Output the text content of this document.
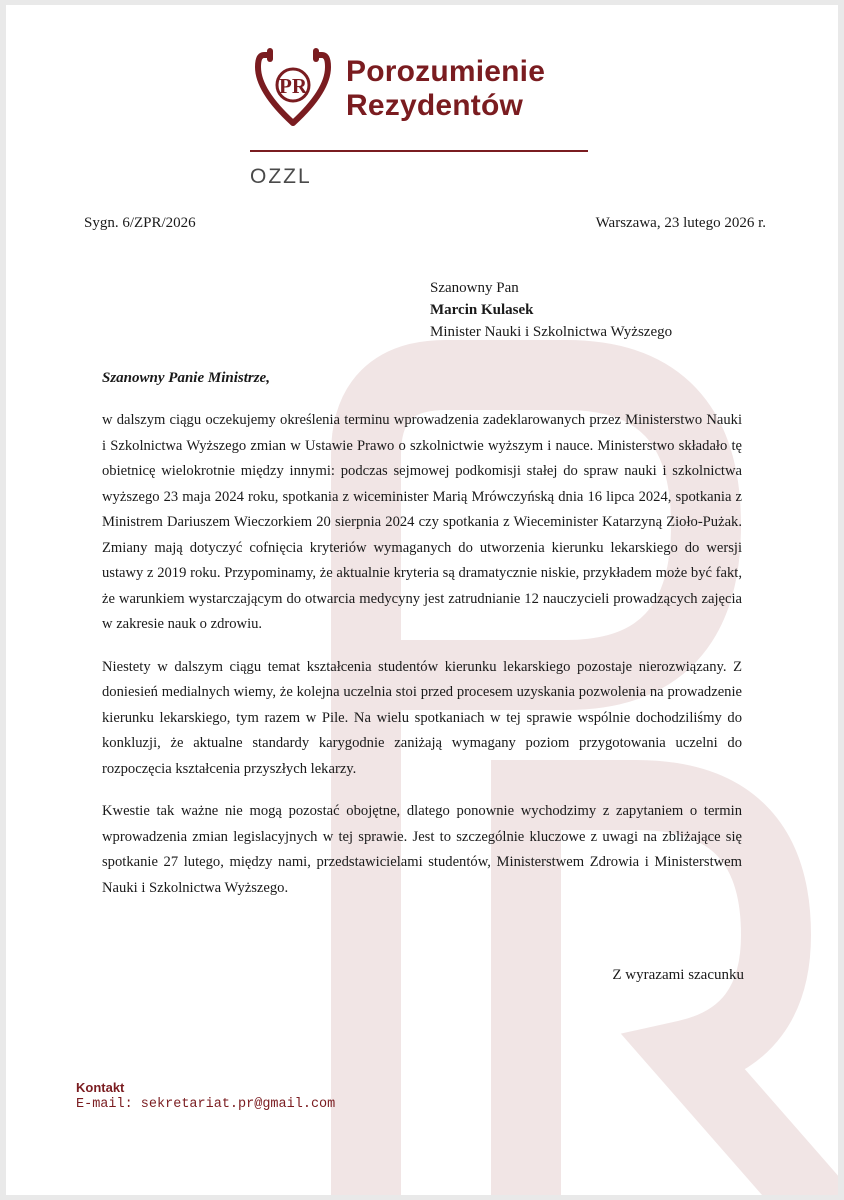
PR Porozumienie
Rezydentów
OZZL
Sygn. 6/ZPR/2026	Warszawa, 23 lutego 2026 r.
Szanowny Pan
Marcin Kulasek
Minister Nauki i Szkolnictwa Wyższego
Szanowny Panie Ministrze,

w dalszym ciągu oczekujemy określenia terminu wprowadzenia zadeklarowanych przez Ministerstwo Nauki i Szkolnictwa Wyższego zmian w Ustawie Prawo o szkolnictwie wyższym i nauce. Ministerstwo składało tę obietnicę wielokrotnie między innymi: podczas sejmowej podkomisji stałej do spraw nauki i szkolnictwa wyższego 23 maja 2024 roku, spotkania z wiceminister Marią Mrówczyńską dnia 16 lipca 2024, spotkania z Ministrem Dariuszem Wieczorkiem 20 sierpnia 2024 czy spotkania z Wieceminister Katarzyną Zioło-Pużak. Zmiany mają dotyczyć cofnięcia kryteriów wymaganych do utworzenia kierunku lekarskiego do wersji ustawy z 2019 roku. Przypominamy, że aktualnie kryteria są dramatycznie niskie, przykładem może być fakt, że warunkiem wystarczającym do otwarcia medycyny jest zatrudnianie 12 nauczycieli prowadzących zajęcia w zakresie nauk o zdrowiu.

Niestety w dalszym ciągu temat kształcenia studentów kierunku lekarskiego pozostaje nierozwiązany. Z doniesień medialnych wiemy, że kolejna uczelnia stoi przed procesem uzyskania pozwolenia na prowadzenie kierunku lekarskiego, tym razem w Pile. Na wielu spotkaniach w tej sprawie wspólnie dochodziliśmy do konkluzji, że aktualne standardy karygodnie zaniżają wymagany poziom przygotowania uczelni do rozpoczęcia kształcenia przyszłych lekarzy.

Kwestie tak ważne nie mogą pozostać obojętne, dlatego ponownie wychodzimy z zapytaniem o termin wprowadzenia zmian legislacyjnych w tej sprawie. Jest to szczególnie kluczowe z uwagi na zbliżające się spotkanie 27 lutego, między nami, przedstawicielami studentów, Ministerstwem Zdrowia i Ministerstwem Nauki i Szkolnictwa Wyższego.

Z wyrazami szacunku
Kontakt
E-mail: sekretariat.pr@gmail.com
